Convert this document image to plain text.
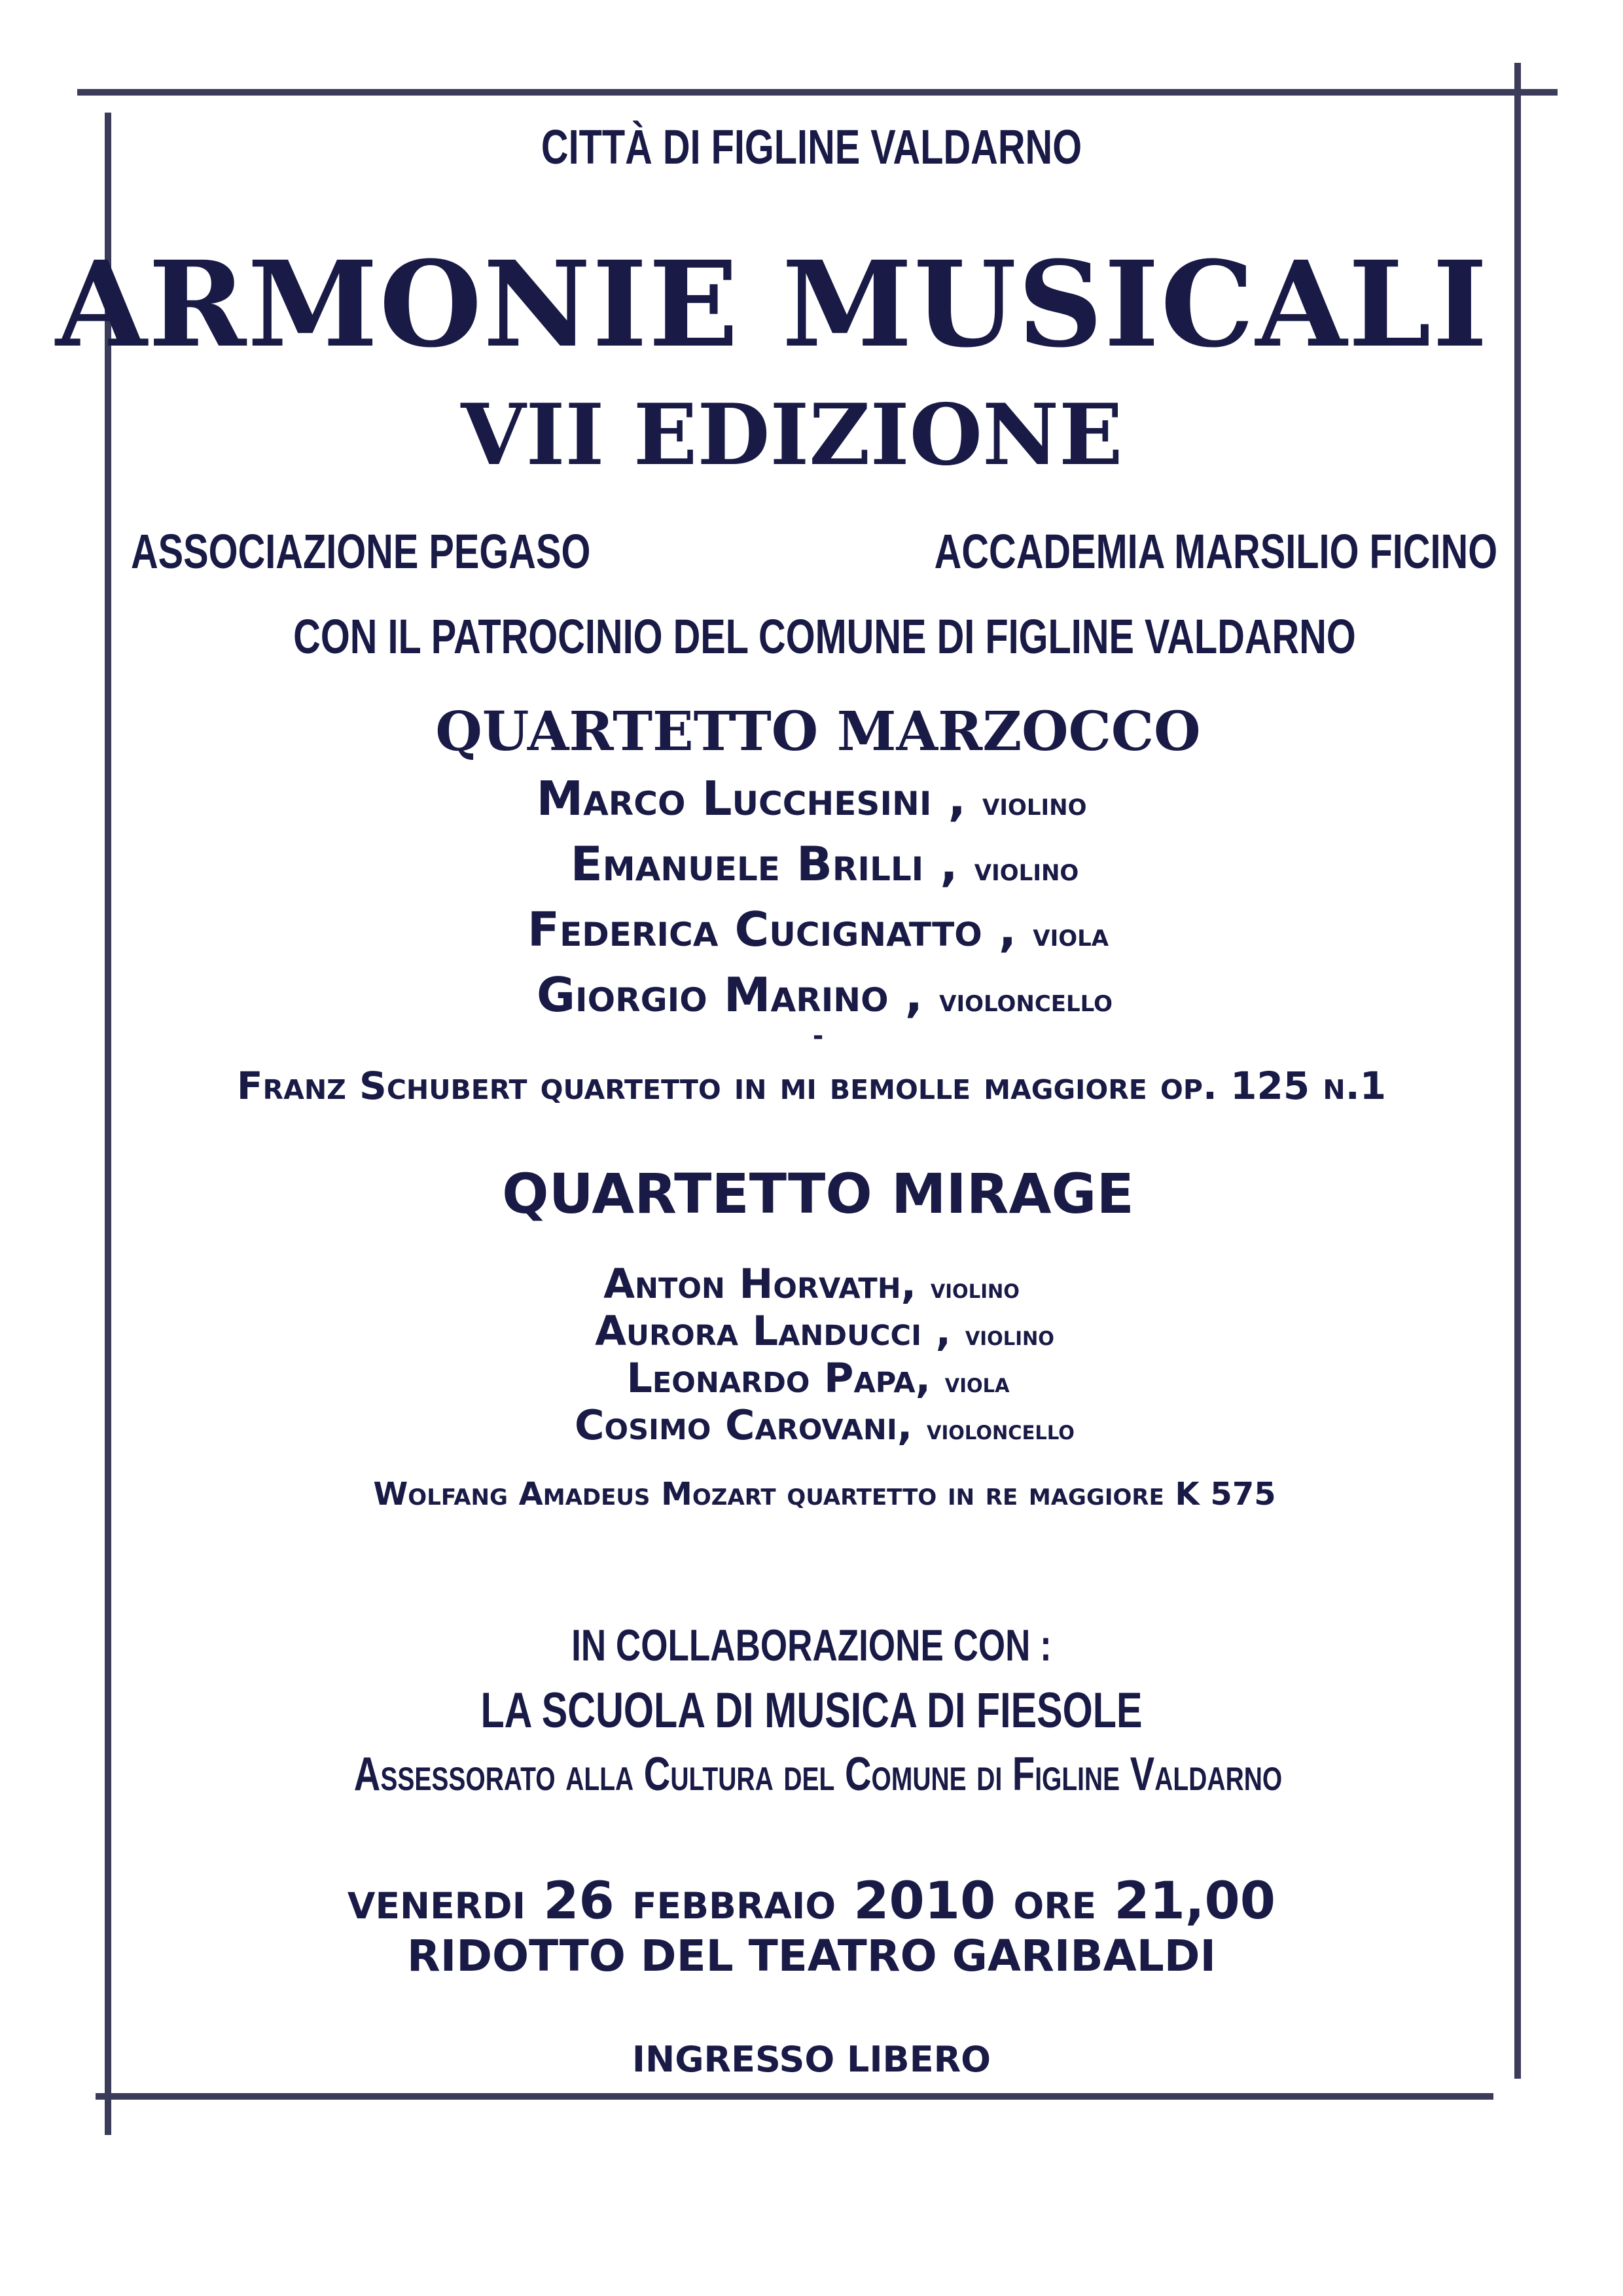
CITTÀ DI FIGLINE VALDARNO
ARMONIE MUSICALI
VII EDIZIONE
ASSOCIAZIONE PEGASO	ACCADEMIA MARSILIO FICINO
CON IL PATROCINIO DEL COMUNE DI FIGLINE VALDARNO
QUARTETTO MARZOCCO
Marco Lucchesini , violino
Emanuele Brilli , violino
Federica Cucignatto , viola
Giorgio Marino , violoncello
-
Franz Schubert quartetto in mi bemolle maggiore op. 125 n.1
QUARTETTO MIRAGE
Anton Horvath, violino
Aurora Landucci , violino
Leonardo Papa, viola
Cosimo Carovani, violoncello
Wolfang Amadeus Mozart quartetto in re maggiore K 575
IN COLLABORAZIONE CON :
LA SCUOLA DI MUSICA DI FIESOLE
Assessorato alla Cultura del Comune di Figline Valdarno
venerdi 26 febbraio 2010 ore 21,00
RIDOTTO DEL TEATRO GARIBALDI
INGRESSO LIBERO
